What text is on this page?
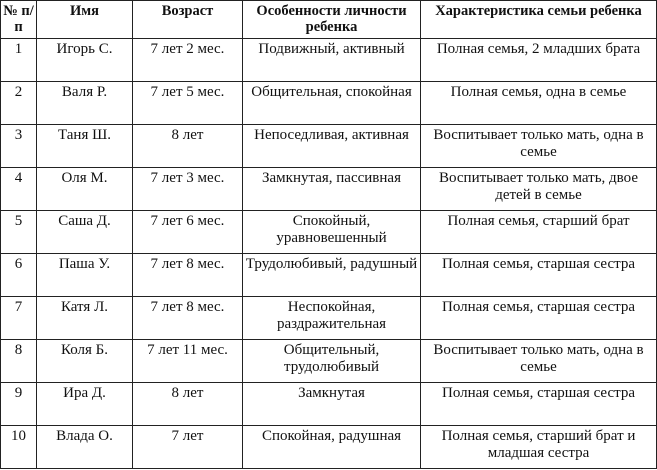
№ п/п	Имя	Возраст	Особенности личности ребенка	Характеристика семьи ребенка
1	Игорь С.	7 лет 2 мес.	Подвижный, активный	Полная семья, 2 младших брата
2	Валя Р.	7 лет 5 мес.	Общительная, спокойная	Полная семья, одна в семье
3	Таня Ш.	8 лет	Непоседливая, активная	Воспитывает только мать, одна в семье
4	Оля М.	7 лет 3 мес.	Замкнутая, пассивная	Воспитывает только мать, двое детей в семье
5	Саша Д.	7 лет 6 мес.	Спокойный, уравновешенный	Полная семья, старший брат
6	Паша У.	7 лет 8 мес.	Трудолюбивый, радушный	Полная семья, старшая сестра
7	Катя Л.	7 лет 8 мес.	Неспокойная, раздражительная	Полная семья, старшая сестра
8	Коля Б.	7 лет 11 мес.	Общительный, трудолюбивый	Воспитывает только мать, одна в семье
9	Ира Д.	8 лет	Замкнутая	Полная семья, старшая сестра
10	Влада О.	7 лет	Спокойная, радушная	Полная семья, старший брат и младшая сестра
